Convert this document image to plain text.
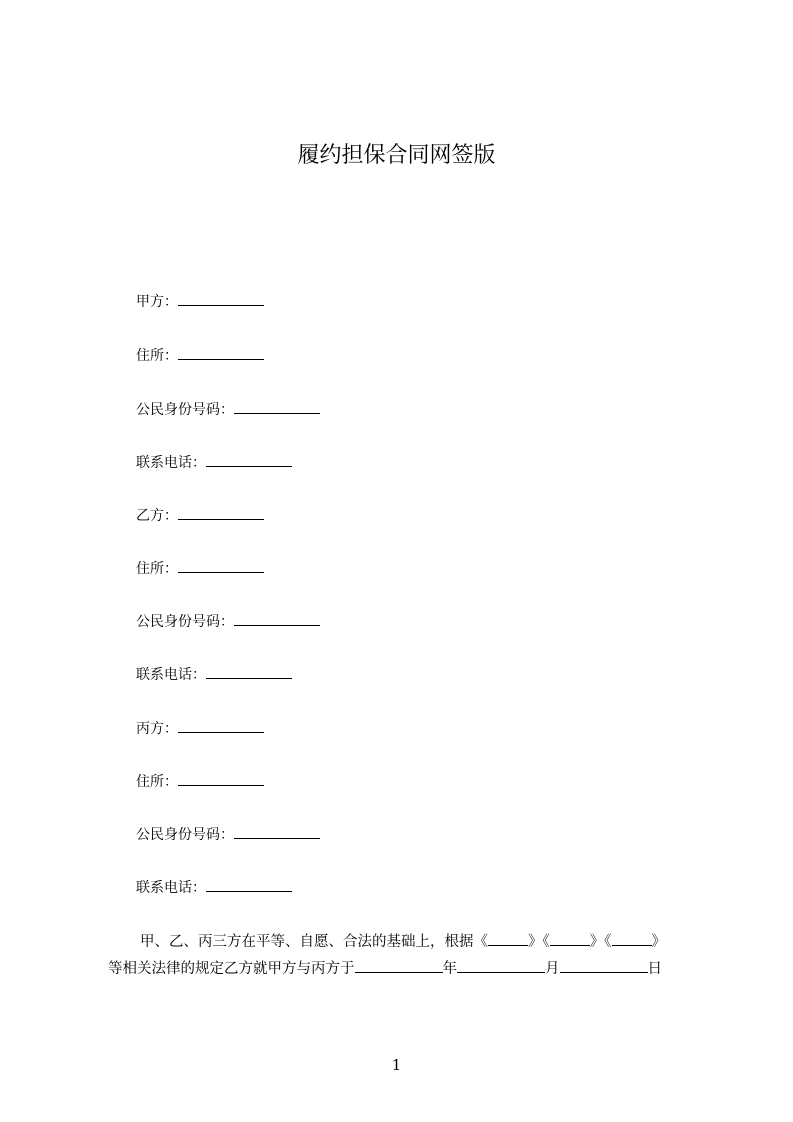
履约担保合同网签版
甲方：
住所：
公民身份号码：
联系电话：
乙方：
住所：
公民身份号码：
联系电话：
丙方：
住所：
公民身份号码：
联系电话：
甲、乙、丙三方在平等、自愿、合法的基础上，根据《	》《	》《	》
等相关法律的规定乙方就甲方与丙方于	年	月	日
1
